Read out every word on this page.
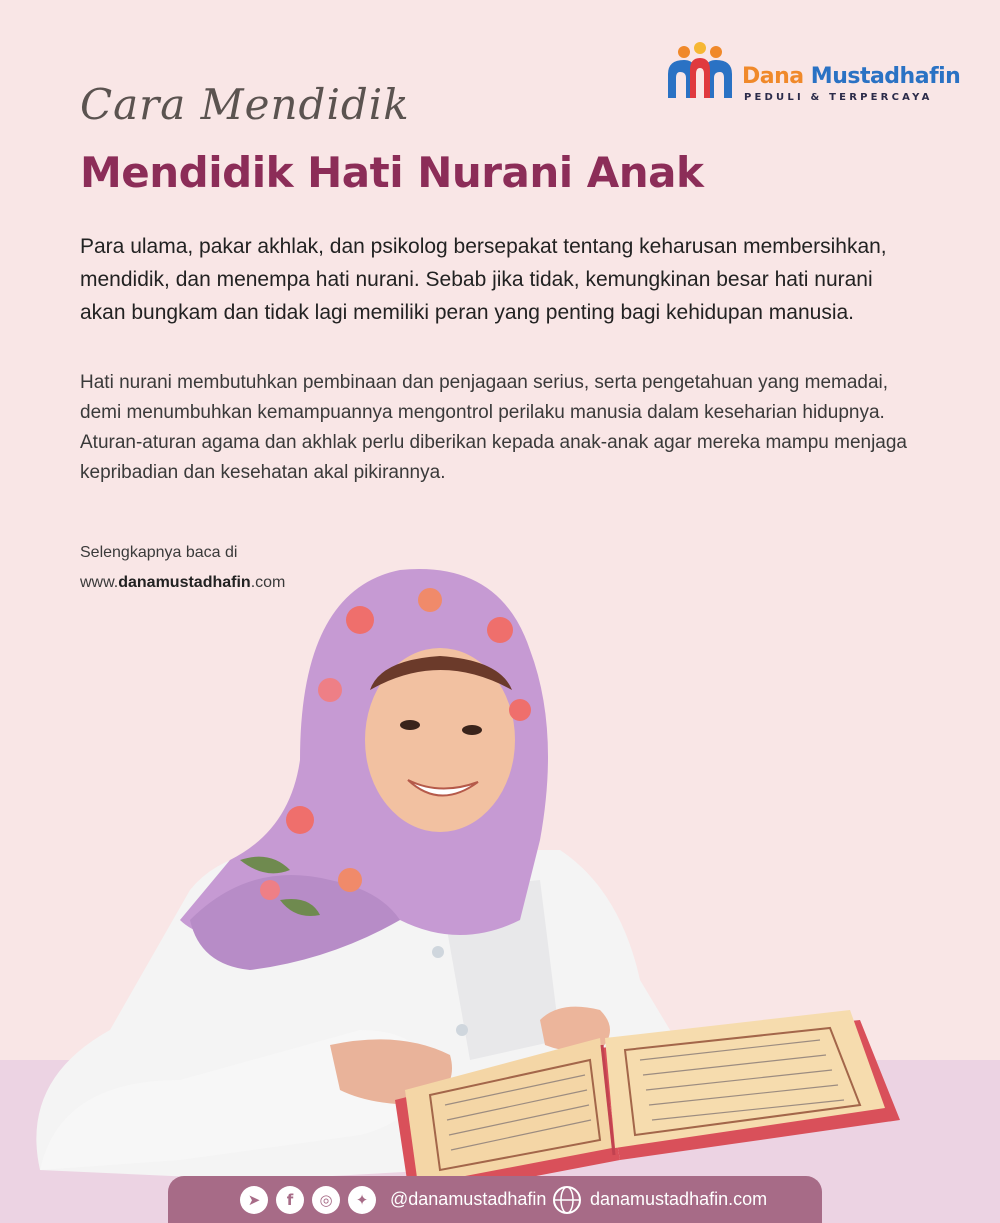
Dana Mustadhafin
PEDULI & TERPERCAYA
Cara Mendidik
Mendidik Hati Nurani Anak

Para ulama, pakar akhlak, dan psikolog bersepakat tentang keharusan membersihkan,
mendidik, dan menempa hati nurani. Sebab jika tidak, kemungkinan besar hati nurani
akan bungkam dan tidak lagi memiliki peran yang penting bagi kehidupan manusia.

Hati nurani membutuhkan pembinaan dan penjagaan serius, serta pengetahuan yang memadai,
demi menumbuhkan kemampuannya mengontrol perilaku manusia dalam keseharian hidupnya.
Aturan-aturan agama dan akhlak perlu diberikan kepada anak-anak agar mereka mampu menjaga
kepribadian dan kesehatan akal pikirannya.

Selengkapnya baca di
www.danamustadhafin.com
➤	f	◎	✦	@danamustadhafin danamustadhafin.com
